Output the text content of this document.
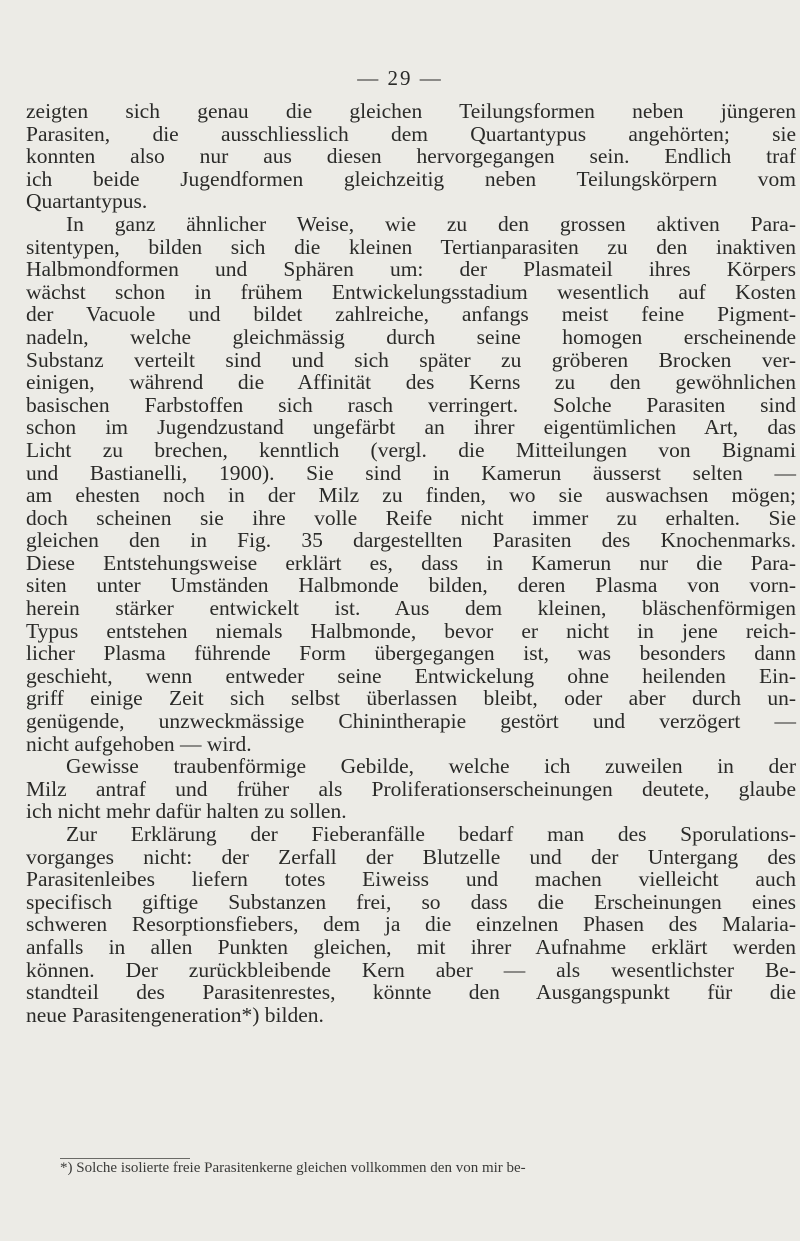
— 29 —
zeigten sich genau die gleichen Teilungsformen neben jüngeren
Parasiten, die ausschliesslich dem Quartantypus angehörten; sie
konnten also nur aus diesen hervorgegangen sein. Endlich traf
ich beide Jugendformen gleichzeitig neben Teilungskörpern vom
Quartantypus.
In ganz ähnlicher Weise, wie zu den grossen aktiven Para-
sitentypen, bilden sich die kleinen Tertianparasiten zu den inaktiven
Halbmondformen und Sphären um: der Plasmateil ihres Körpers
wächst schon in frühem Entwickelungsstadium wesentlich auf Kosten
der Vacuole und bildet zahlreiche, anfangs meist feine Pigment-
nadeln, welche gleichmässig durch seine homogen erscheinende
Substanz verteilt sind und sich später zu gröberen Brocken ver-
einigen, während die Affinität des Kerns zu den gewöhnlichen
basischen Farbstoffen sich rasch verringert. Solche Parasiten sind
schon im Jugendzustand ungefärbt an ihrer eigentümlichen Art, das
Licht zu brechen, kenntlich (vergl. die Mitteilungen von Bignami
und Bastianelli, 1900). Sie sind in Kamerun äusserst selten —
am ehesten noch in der Milz zu finden, wo sie auswachsen mögen;
doch scheinen sie ihre volle Reife nicht immer zu erhalten. Sie
gleichen den in Fig. 35 dargestellten Parasiten des Knochenmarks.
Diese Entstehungsweise erklärt es, dass in Kamerun nur die Para-
siten unter Umständen Halbmonde bilden, deren Plasma von vorn-
herein stärker entwickelt ist. Aus dem kleinen, bläschenförmigen
Typus entstehen niemals Halbmonde, bevor er nicht in jene reich-
licher Plasma führende Form übergegangen ist, was besonders dann
geschieht, wenn entweder seine Entwickelung ohne heilenden Ein-
griff einige Zeit sich selbst überlassen bleibt, oder aber durch un-
genügende, unzweckmässige Chinintherapie gestört und verzögert —
nicht aufgehoben — wird.
Gewisse traubenförmige Gebilde, welche ich zuweilen in der
Milz antraf und früher als Proliferationserscheinungen deutete, glaube
ich nicht mehr dafür halten zu sollen.
Zur Erklärung der Fieberanfälle bedarf man des Sporulations-
vorganges nicht: der Zerfall der Blutzelle und der Untergang des
Parasitenleibes liefern totes Eiweiss und machen vielleicht auch
specifisch giftige Substanzen frei, so dass die Erscheinungen eines
schweren Resorptionsfiebers, dem ja die einzelnen Phasen des Malaria-
anfalls in allen Punkten gleichen, mit ihrer Aufnahme erklärt werden
können. Der zurückbleibende Kern aber — als wesentlichster Be-
standteil des Parasitenrestes, könnte den Ausgangspunkt für die
neue Parasitengeneration*) bilden.
*) Solche isolierte freie Parasitenkerne gleichen vollkommen den von mir be-
